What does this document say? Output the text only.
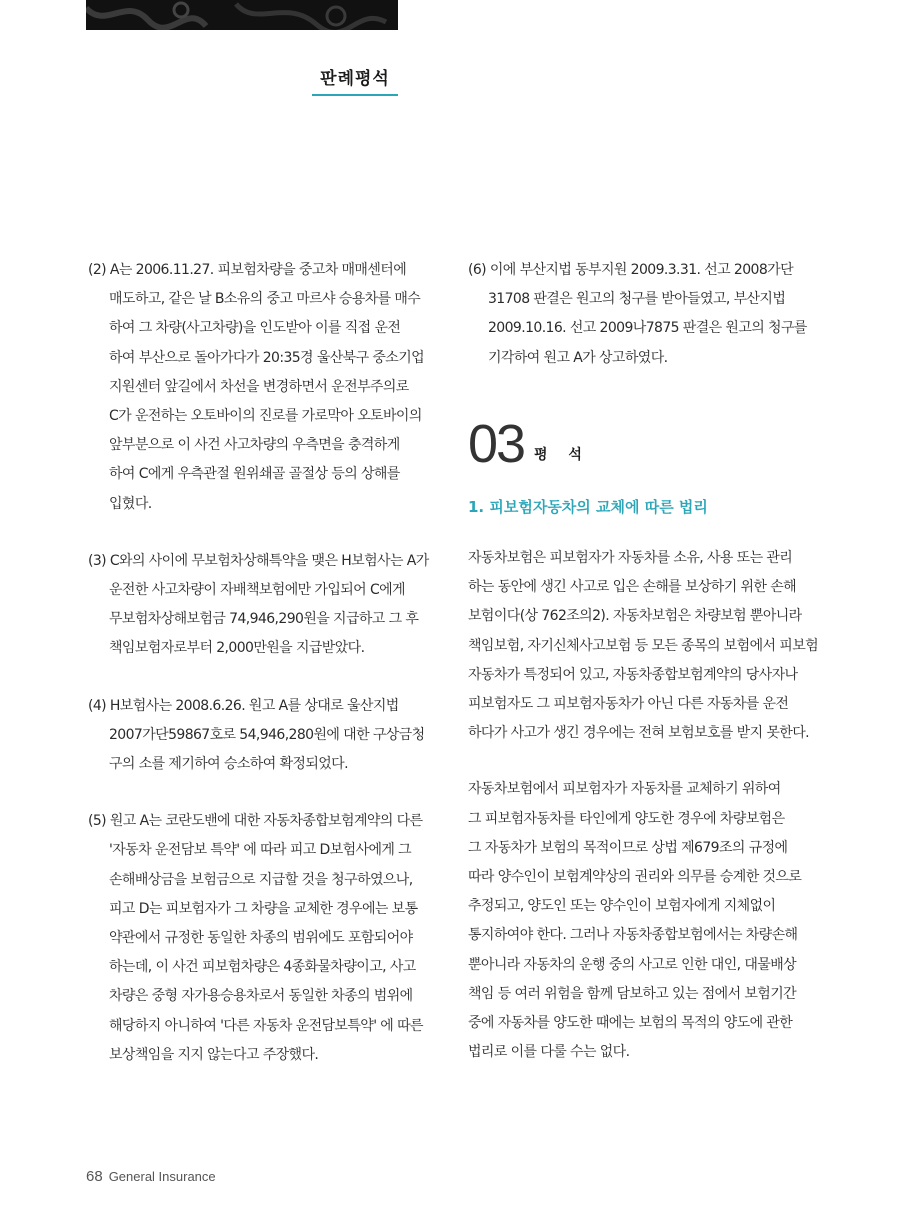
판례평석
(2) A는 2006.11.27. 피보험차량을 중고차 매매센터에
매도하고, 같은 날 B소유의 중고 마르샤 승용차를 매수
하여 그 차량(사고차량)을 인도받아 이를 직접 운전
하여 부산으로 돌아가다가 20:35경 울산북구 중소기업
지원센터 앞길에서 차선을 변경하면서 운전부주의로
C가 운전하는 오토바이의 진로를 가로막아 오토바이의
앞부분으로 이 사건 사고차량의 우측면을 충격하게
하여 C에게 우측관절 원위쇄골 골절상 등의 상해를
입혔다.
(3) C와의 사이에 무보험차상해특약을 맺은 H보험사는 A가
운전한 사고차량이 자배책보험에만 가입되어 C에게
무보험차상해보험금 74,946,290원을 지급하고 그 후
책임보험자로부터 2,000만원을 지급받았다.
(4) H보험사는 2008.6.26. 원고 A를 상대로 울산지법
2007가단59867호로 54,946,280원에 대한 구상금청
구의 소를 제기하여 승소하여 확정되었다.
(5) 원고 A는 코란도밴에 대한 자동차종합보험계약의 다른
'자동차 운전담보 특약' 에 따라 피고 D보험사에게 그
손해배상금을 보험금으로 지급할 것을 청구하였으나,
피고 D는 피보험자가 그 차량을 교체한 경우에는 보통
약관에서 규정한 동일한 차종의 범위에도 포함되어야
하는데, 이 사건 피보험차량은 4종화물차량이고, 사고
차량은 중형 자가용승용차로서 동일한 차종의 범위에
해당하지 아니하여 '다른 자동차 운전담보특약' 에 따른
보상책임을 지지 않는다고 주장했다.
(6) 이에 부산지법 동부지원 2009.3.31. 선고 2008가단
31708 판결은 원고의 청구를 받아들였고, 부산지법
2009.10.16. 선고 2009나7875 판결은 원고의 청구를
기각하여 원고 A가 상고하였다.
03 평 석
1. 피보험자동차의 교체에 따른 법리
자동차보험은 피보험자가 자동차를 소유, 사용 또는 관리
하는 동안에 생긴 사고로 입은 손해를 보상하기 위한 손해
보험이다(상 762조의2). 자동차보험은 차량보험 뿐아니라
책임보험, 자기신체사고보험 등 모든 종목의 보험에서 피보험
자동차가 특정되어 있고, 자동차종합보험계약의 당사자나
피보험자도 그 피보험자동차가 아닌 다른 자동차를 운전
하다가 사고가 생긴 경우에는 전혀 보험보호를 받지 못한다.
자동차보험에서 피보험자가 자동차를 교체하기 위하여
그 피보험자동차를 타인에게 양도한 경우에 차량보험은
그 자동차가 보험의 목적이므로 상법 제679조의 규정에
따라 양수인이 보험계약상의 권리와 의무를 승계한 것으로
추정되고, 양도인 또는 양수인이 보험자에게 지체없이
통지하여야 한다. 그러나 자동차종합보험에서는 차량손해
뿐아니라 자동차의 운행 중의 사고로 인한 대인, 대물배상
책임 등 여러 위험을 함께 담보하고 있는 점에서 보험기간
중에 자동차를 양도한 때에는 보험의 목적의 양도에 관한
법리로 이를 다룰 수는 없다.
68 General Insurance
